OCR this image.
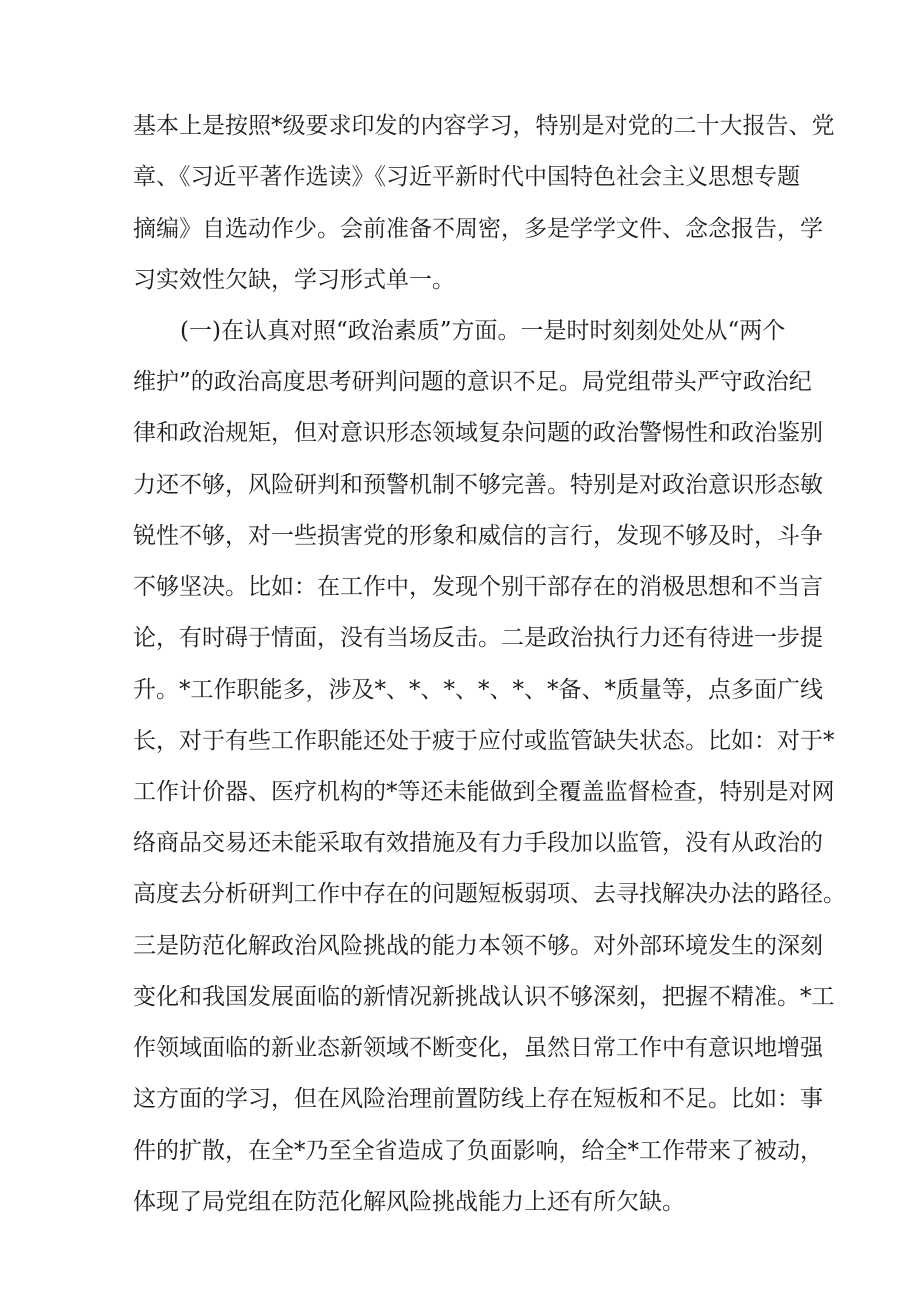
基本上是按照*级要求印发的内容学习，特别是对党的二十大报告、党
章、《习近平著作选读》《习近平新时代中国特色社会主义思想专题
摘编》自选动作少。会前准备不周密，多是学学文件、念念报告，学
习实效性欠缺，学习形式单一。
(一)在认真对照“政治素质”方面。一是时时刻刻处处从“两个
维护”的政治高度思考研判问题的意识不足。局党组带头严守政治纪
律和政治规矩，但对意识形态领域复杂问题的政治警惕性和政治鉴别
力还不够，风险研判和预警机制不够完善。特别是对政治意识形态敏
锐性不够，对一些损害党的形象和威信的言行，发现不够及时，斗争
不够坚决。比如：在工作中，发现个别干部存在的消极思想和不当言
论，有时碍于情面，没有当场反击。二是政治执行力还有待进一步提
升。*工作职能多，涉及*、*、*、*、*、*备、*质量等，点多面广线
长，对于有些工作职能还处于疲于应付或监管缺失状态。比如：对于*
工作计价器、医疗机构的*等还未能做到全覆盖监督检查，特别是对网
络商品交易还未能采取有效措施及有力手段加以监管，没有从政治的
高度去分析研判工作中存在的问题短板弱项、去寻找解决办法的路径。
三是防范化解政治风险挑战的能力本领不够。对外部环境发生的深刻
变化和我国发展面临的新情况新挑战认识不够深刻，把握不精准。*工
作领域面临的新业态新领域不断变化，虽然日常工作中有意识地增强
这方面的学习，但在风险治理前置防线上存在短板和不足。比如：事
件的扩散，在全*乃至全省造成了负面影响，给全*工作带来了被动，
体现了局党组在防范化解风险挑战能力上还有所欠缺。
